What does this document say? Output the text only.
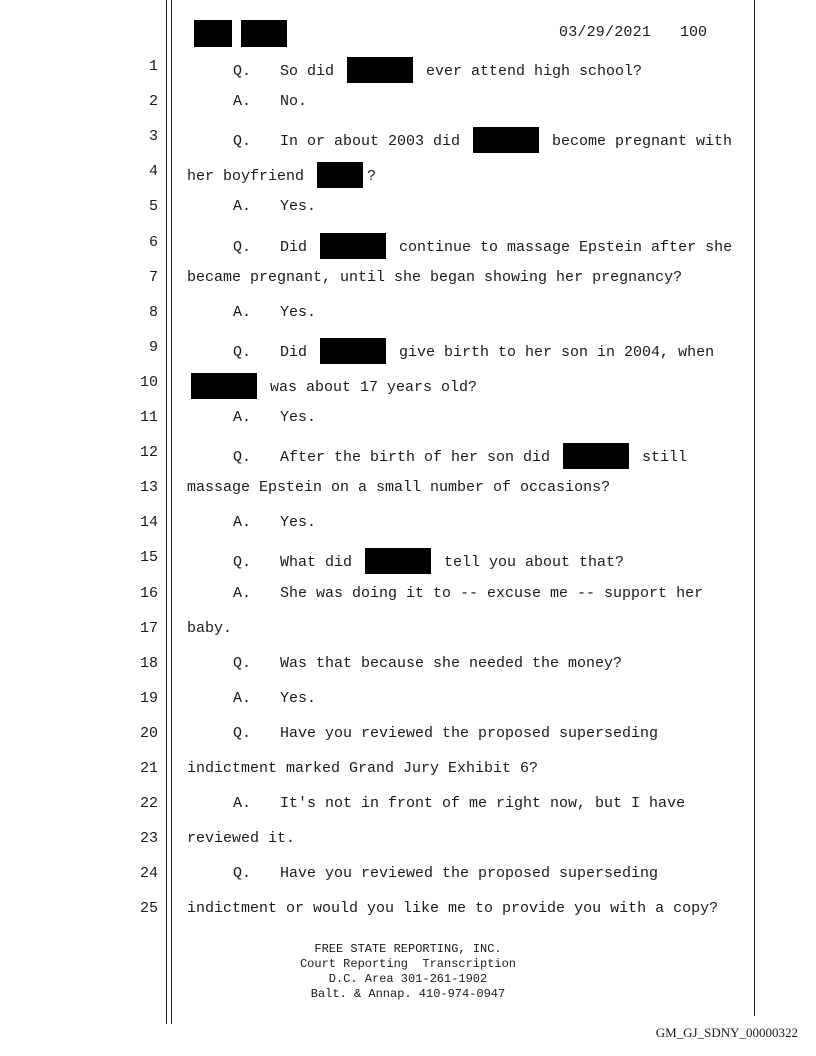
03/29/2021 100
1	Q. So did	ever attend high school?
2	A. No.
3	Q. In or about 2003 did	become pregnant with
4 her boyfriend	?
5	A. Yes.
6	Q. Did	continue to massage Epstein after she
7 became pregnant, until she began showing her pregnancy?
8	A. Yes.
9	Q. Did	give birth to her son in 2004, when
10	was about 17 years old?
11	A. Yes.
12	Q. After the birth of her son did	still
13 massage Epstein on a small number of occasions?
14	A. Yes.
15	Q. What did	tell you about that?
16	A. She was doing it to -- excuse me -- support her
17 baby.
18	Q. Was that because she needed the money?
19	A. Yes.
20	Q. Have you reviewed the proposed superseding
21 indictment marked Grand Jury Exhibit 6?
22	A. It's not in front of me right now, but I have
23 reviewed it.
24	Q. Have you reviewed the proposed superseding
25 indictment or would you like me to provide you with a copy?
FREE STATE REPORTING, INC.
Court Reporting  Transcription
D.C. Area 301-261-1902
Balt. & Annap. 410-974-0947
GM_GJ_SDNY_00000322
